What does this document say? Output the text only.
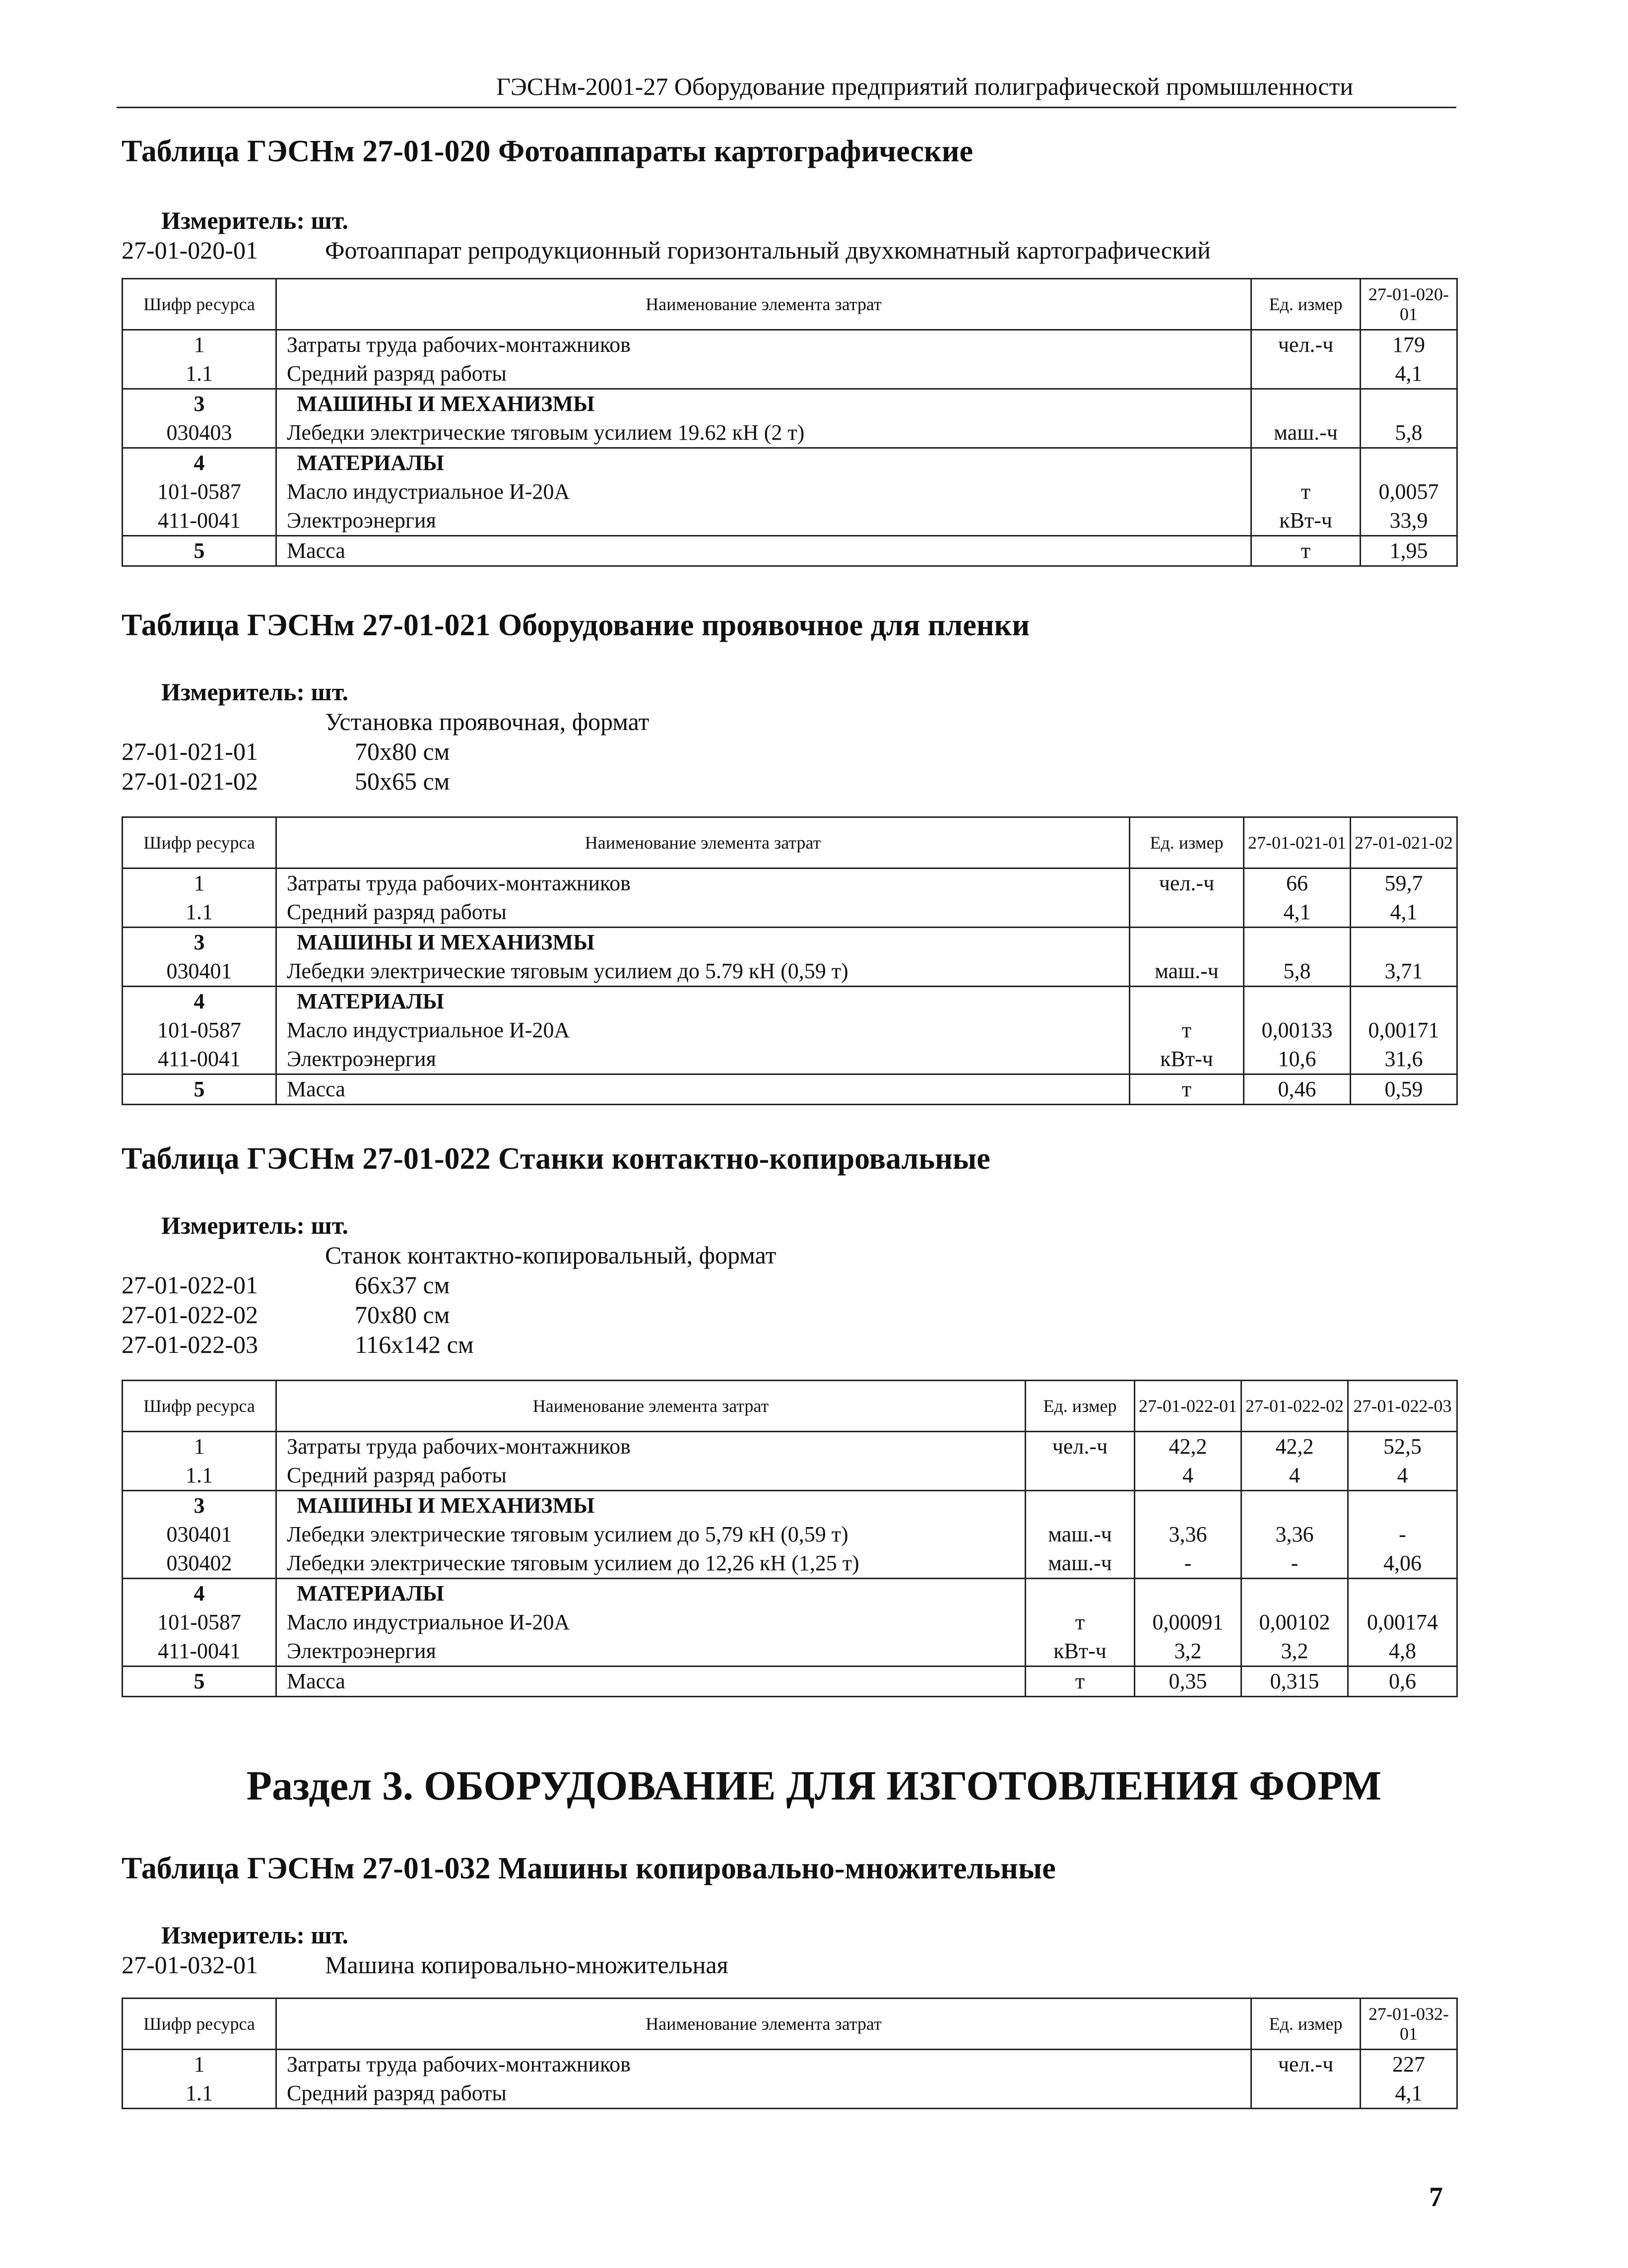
ГЭСНм-2001-27 Оборудование предприятий полиграфической промышленности
Таблица ГЭСНм 27-01-020 Фотоаппараты картографические
Измеритель: шт.
27-01-020-01	Фотоаппарат репродукционный горизонтальный двухкомнатный картографический
Шифр ресурса	Наименование элемента затрат	Ед. измер	27-01-020-01
1	Затраты труда рабочих-монтажников	чел.-ч	179
1.1	Средний разряд работы		4,1
3	МАШИНЫ И МЕХАНИЗМЫ		
030403	Лебедки электрические тяговым усилием 19.62 кН (2 т)	маш.-ч	5,8
4	МАТЕРИАЛЫ		
101-0587	Масло индустриальное И-20А	т	0,0057
411-0041	Электроэнергия	кВт-ч	33,9
5	Масса	т	1,95
Таблица ГЭСНм 27-01-021 Оборудование проявочное для пленки
Измеритель: шт.
Установка проявочная, формат
27-01-021-01	70х80 см
27-01-021-02	50х65 см
Шифр ресурса	Наименование элемента затрат	Ед. измер	27-01-021-01	27-01-021-02
1	Затраты труда рабочих-монтажников	чел.-ч	66	59,7
1.1	Средний разряд работы		4,1	4,1
3	МАШИНЫ И МЕХАНИЗМЫ			
030401	Лебедки электрические тяговым усилием до 5.79 кН (0,59 т)	маш.-ч	5,8	3,71
4	МАТЕРИАЛЫ			
101-0587	Масло индустриальное И-20А	т	0,00133	0,00171
411-0041	Электроэнергия	кВт-ч	10,6	31,6
5	Масса	т	0,46	0,59
Таблица ГЭСНм 27-01-022 Станки контактно-копировальные
Измеритель: шт.
Станок контактно-копировальный, формат
27-01-022-01	66х37 см
27-01-022-02	70х80 см
27-01-022-03	116х142 см
Шифр ресурса	Наименование элемента затрат	Ед. измер	27-01-022-01	27-01-022-02	27-01-022-03
1	Затраты труда рабочих-монтажников	чел.-ч	42,2	42,2	52,5
1.1	Средний разряд работы		4	4	4
3	МАШИНЫ И МЕХАНИЗМЫ				
030401	Лебедки электрические тяговым усилием до 5,79 кН (0,59 т)	маш.-ч	3,36	3,36	-
030402	Лебедки электрические тяговым усилием до 12,26 кН (1,25 т)	маш.-ч	-	-	4,06
4	МАТЕРИАЛЫ				
101-0587	Масло индустриальное И-20А	т	0,00091	0,00102	0,00174
411-0041	Электроэнергия	кВт-ч	3,2	3,2	4,8
5	Масса	т	0,35	0,315	0,6
Раздел 3. ОБОРУДОВАНИЕ ДЛЯ ИЗГОТОВЛЕНИЯ ФОРМ
Таблица ГЭСНм 27-01-032 Машины копировально-множительные
Измеритель: шт.
27-01-032-01	Машина копировально-множительная
Шифр ресурса	Наименование элемента затрат	Ед. измер	27-01-032-01
1	Затраты труда рабочих-монтажников	чел.-ч	227
1.1	Средний разряд работы		4,1
7
